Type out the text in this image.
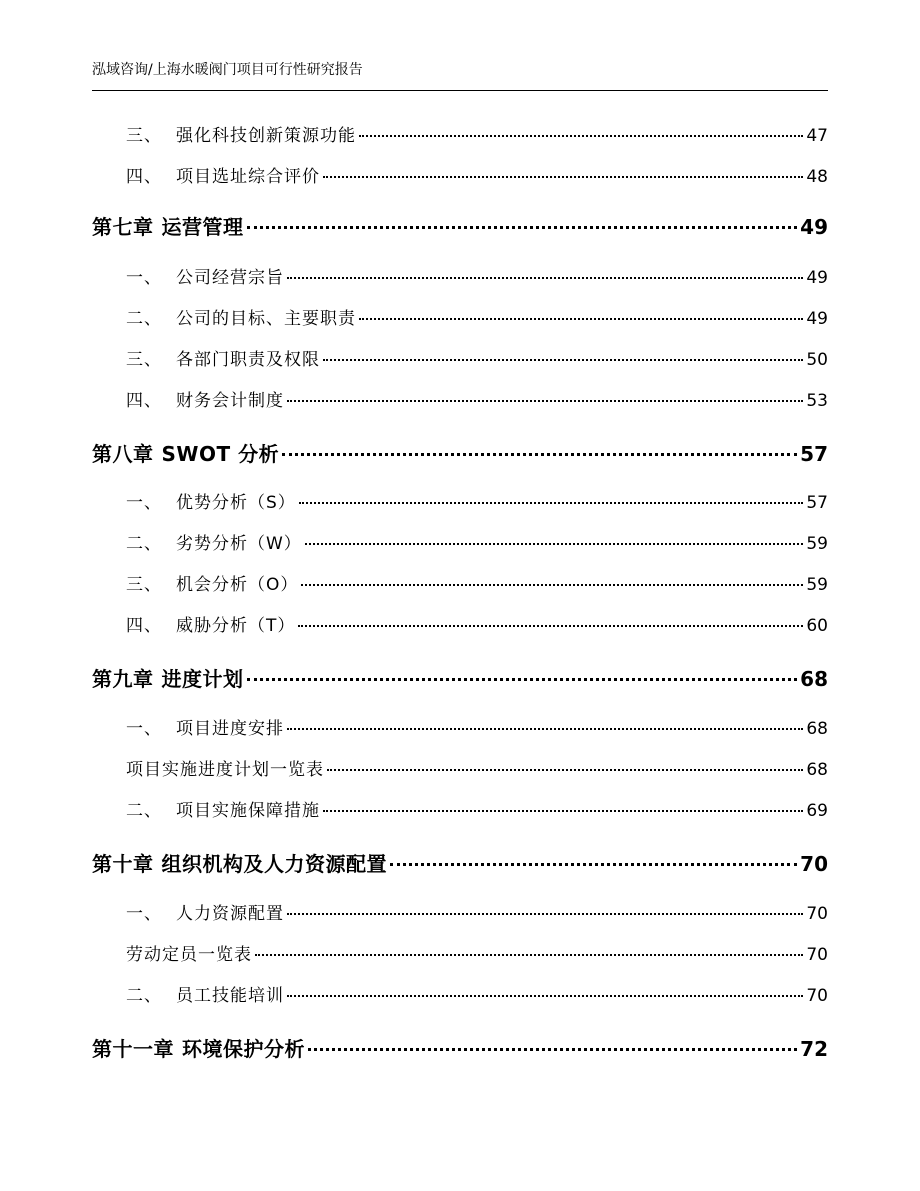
泓域咨询/上海水暖阀门项目可行性研究报告
三、 强化科技创新策源功能	47
四、 项目选址综合评价	48
第七章 运营管理	49
一、 公司经营宗旨	49
二、 公司的目标、主要职责	49
三、 各部门职责及权限	50
四、 财务会计制度	53
第八章 SWOT 分析	57
一、 优势分析（S）	57
二、 劣势分析（W）	59
三、 机会分析（O）	59
四、 威胁分析（T）	60
第九章 进度计划	68
一、 项目进度安排	68
项目实施进度计划一览表	68
二、 项目实施保障措施	69
第十章 组织机构及人力资源配置	70
一、 人力资源配置	70
劳动定员一览表	70
二、 员工技能培训	70
第十一章 环境保护分析	72
